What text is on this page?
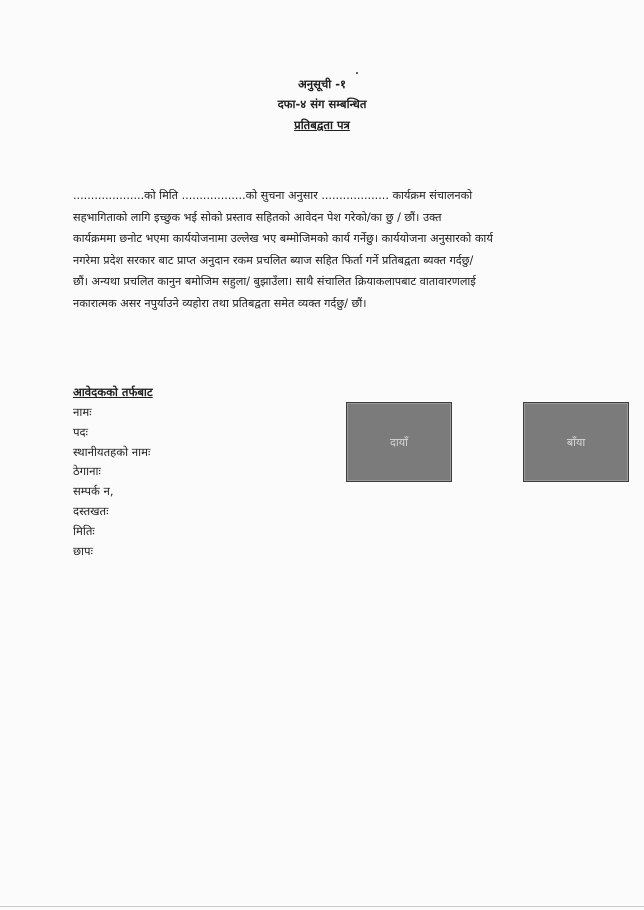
अनुसूची -१
दफा-४ संग सम्बन्धित
प्रतिबद्वता पत्र
....................को मिति ..................को सुचना अनुसार ................... कार्यक्रम संचालनको
सहभागिताको लागि इच्छुक भई सोको प्रस्ताव सहितको आवेदन पेश गरेको/का छु / छौं। उक्त
कार्यक्रममा छनोट भएमा कार्ययोजनामा उल्लेख भए बम्मोजिमको कार्य गर्नेछु। कार्ययोजना अनुसारको कार्य
नगरेमा प्रदेश सरकार बाट प्राप्त अनुदान रकम प्रचलित ब्याज सहित फिर्ता गर्ने प्रतिबद्वता ब्यक्त गर्दछु/
छौं। अन्यथा प्रचलित कानुन बमोजिम सहुला/ बुझाउँला। साथै संचालित क्रियाकलापबाट वातावारणलाई
नकारात्मक असर नपुर्याउने व्यहोरा तथा प्रतिबद्वता समेत व्यक्त गर्दछु/ छौं।
आवेदकको तर्फबाट
नामः
पदः
स्थानीयतहको नामः
ठेगानाः
सम्पर्क न,
दस्तखतः
मितिः
छापः
दायाँ	बाँया
